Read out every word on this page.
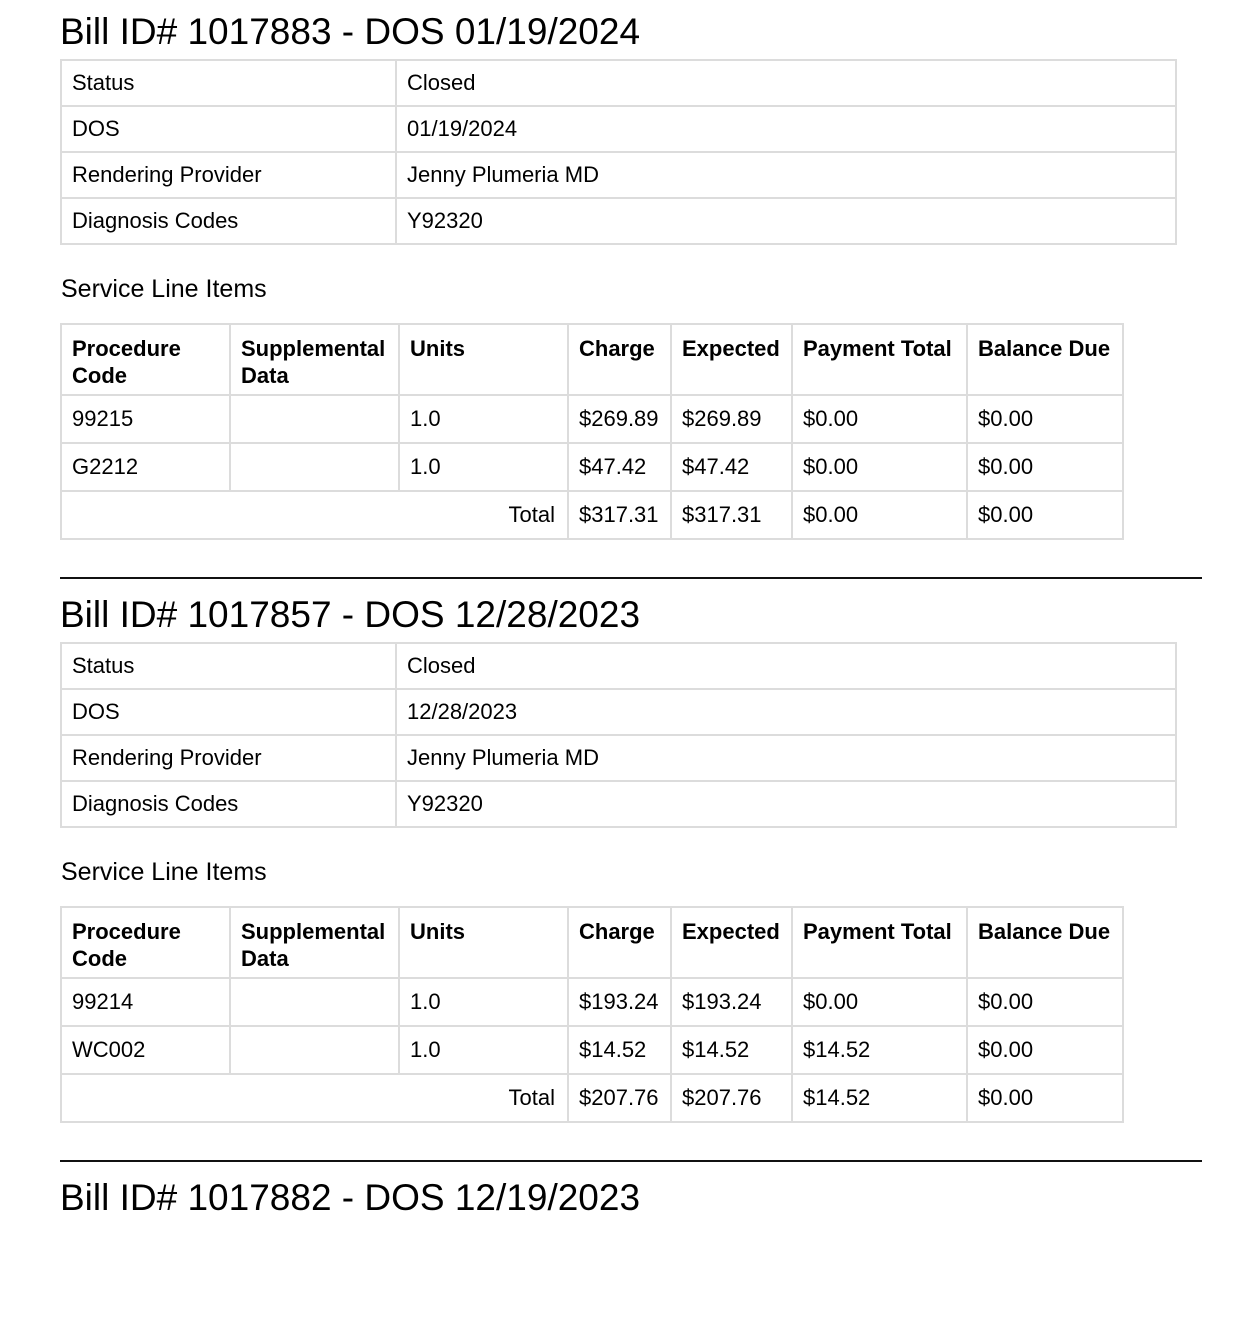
Bill ID# 1017883 - DOS 01/19/2024
Status	Closed
DOS	01/19/2024
Rendering Provider	Jenny Plumeria MD
Diagnosis Codes	Y92320
Service Line Items
Procedure Code	Supplemental Data	Units	Charge	Expected	Payment Total	Balance Due
99215		1.0	$269.89	$269.89	$0.00	$0.00
G2212		1.0	$47.42	$47.42	$0.00	$0.00
Total			$317.31	$317.31	$0.00	$0.00
Bill ID# 1017857 - DOS 12/28/2023
Status	Closed
DOS	12/28/2023
Rendering Provider	Jenny Plumeria MD
Diagnosis Codes	Y92320
Service Line Items
Procedure Code	Supplemental Data	Units	Charge	Expected	Payment Total	Balance Due
99214		1.0	$193.24	$193.24	$0.00	$0.00
WC002		1.0	$14.52	$14.52	$14.52	$0.00
Total			$207.76	$207.76	$14.52	$0.00
Bill ID# 1017882 - DOS 12/19/2023
